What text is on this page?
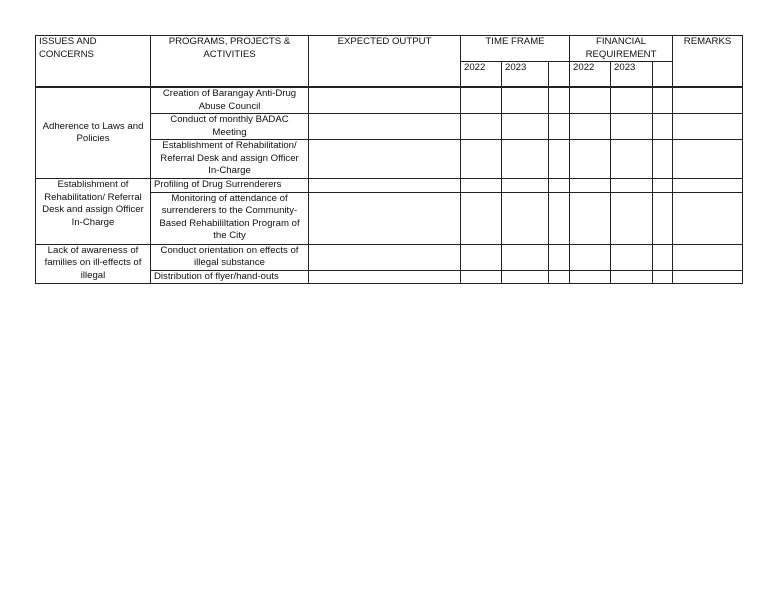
ISSUES AND CONCERNS	PROGRAMS, PROJECTS & ACTIVITIES	EXPECTED OUTPUT	TIME FRAME			FINANCIAL REQUIREMENT			REMARKS
			2022	2023		2022	2023		

Adherence to Laws and Policies	Creation of Barangay Anti-Drug Abuse Council								
	Conduct of monthly BADAC Meeting								
	Establishment of Rehabilitation/ Referral Desk and assign Officer In-Charge								
Establishment of Rehabilitation/ Referral Desk and assign Officer In-Charge	Profiling of Drug Surrenderers								
	Monitoring of attendance of surrenderers to the Community-Based Rehabililtation Program of the City								
Lack of awareness of families on ill-effects of illegal	Conduct orientation on effects of illegal substance								
	Distribution of flyer/hand-outs								
